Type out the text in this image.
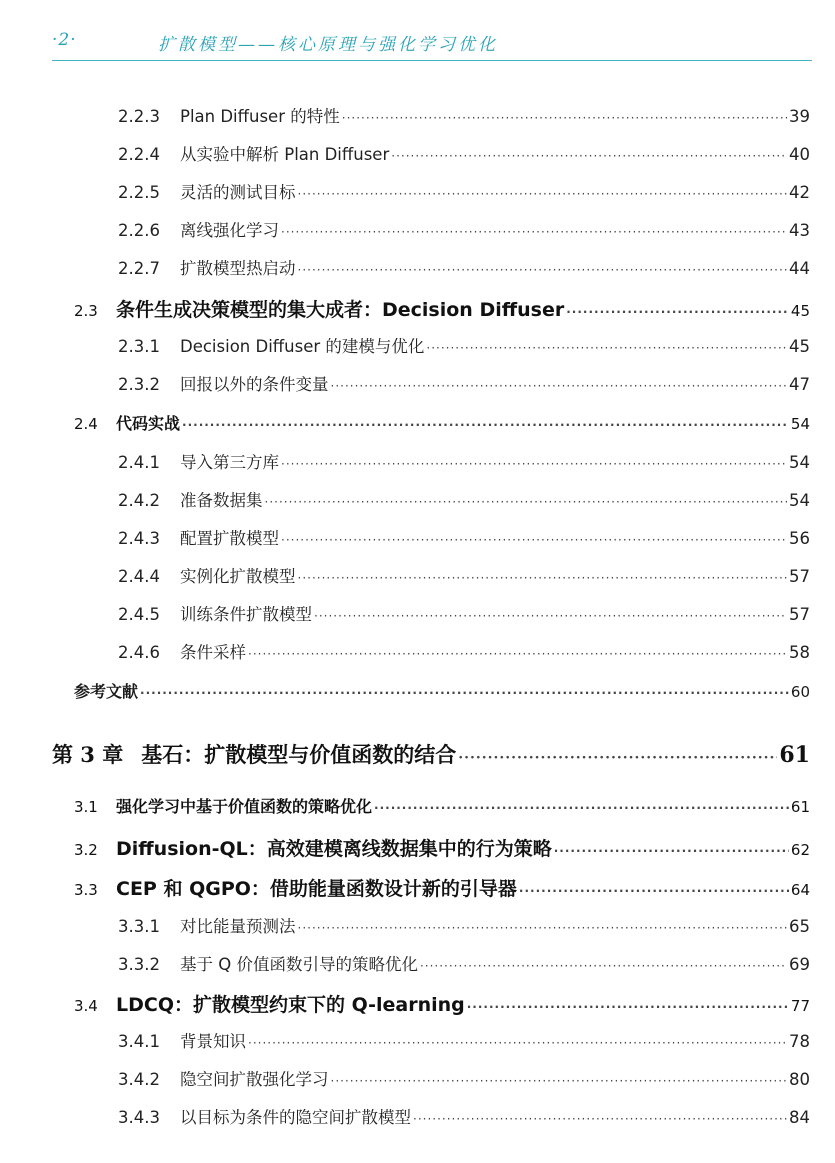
·2·	扩散模型——核心原理与强化学习优化
2.2.3	Plan Diffuser 的特性 ·····	39
2.2.4	从实验中解析 Plan Diffuser ·····	40
2.2.5	灵活的测试目标 ·····	42
2.2.6	离线强化学习 ·····	43
2.2.7	扩散模型热启动 ·····	44
2.3 条件生成决策模型的集大成者：Decision Diffuser ·····	45
2.3.1	Decision Diffuser 的建模与优化 ·····	45
2.3.2	回报以外的条件变量 ·····	47
2.4	代码实战 ·····	54
2.4.1	导入第三方库 ·····	54
2.4.2	准备数据集 ·····	54
2.4.3	配置扩散模型 ·····	56
2.4.4	实例化扩散模型 ·····	57
2.4.5	训练条件扩散模型 ·····	57
2.4.6	条件采样 ·····	58
参考文献 ·····	60
第 3 章 基石：扩散模型与价值函数的结合 ·····	61
3.1	强化学习中基于价值函数的策略优化 ·····	61
3.2 Diffusion-QL：高效建模离线数据集中的行为策略 ·····	62
3.3 CEP 和 QGPO：借助能量函数设计新的引导器 ·····	64
3.3.1	对比能量预测法 ·····	65
3.3.2	基于 Q 价值函数引导的策略优化 ·····	69
3.4 LDCQ：扩散模型约束下的 Q-learning ·····	77
3.4.1	背景知识 ·····	78
3.4.2	隐空间扩散强化学习 ·····	80
3.4.3	以目标为条件的隐空间扩散模型 ·····	84
